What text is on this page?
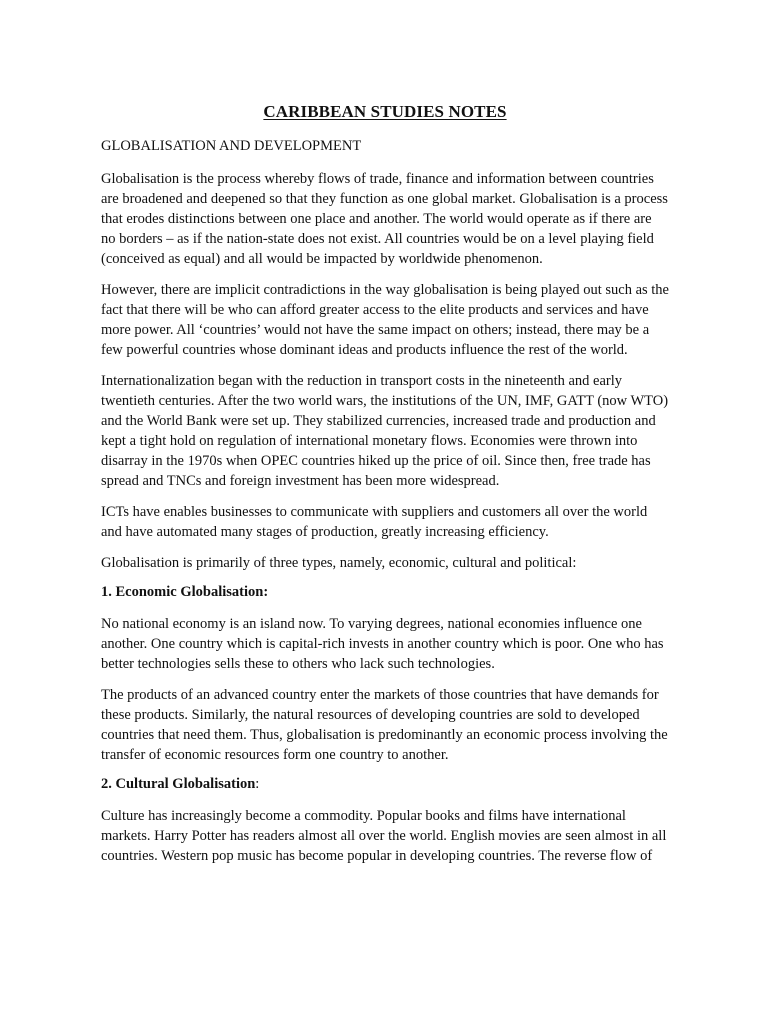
CARIBBEAN STUDIES NOTES
GLOBALISATION AND DEVELOPMENT

Globalisation is the process whereby flows of trade, finance and information between countries are broadened and deepened so that they function as one global market. Globalisation is a process that erodes distinctions between one place and another. The world would operate as if there are no borders – as if the nation-state does not exist. All countries would be on a level playing field (conceived as equal) and all would be impacted by worldwide phenomenon.

However, there are implicit contradictions in the way globalisation is being played out such as the fact that there will be who can afford greater access to the elite products and services and have more power. All ‘countries’ would not have the same impact on others; instead, there may be a few powerful countries whose dominant ideas and products influence the rest of the world.

Internationalization began with the reduction in transport costs in the nineteenth and early twentieth centuries. After the two world wars, the institutions of the UN, IMF, GATT (now WTO) and the World Bank were set up. They stabilized currencies, increased trade and production and kept a tight hold on regulation of international monetary flows. Economies were thrown into disarray in the 1970s when OPEC countries hiked up the price of oil. Since then, free trade has spread and TNCs and foreign investment has been more widespread.

ICTs have enables businesses to communicate with suppliers and customers all over the world and have automated many stages of production, greatly increasing efficiency.

Globalisation is primarily of three types, namely, economic, cultural and political:

1. Economic Globalisation:

No national economy is an island now. To varying degrees, national economies influence one another. One country which is capital-rich invests in another country which is poor. One who has better technologies sells these to others who lack such technologies.

The products of an advanced country enter the markets of those countries that have demands for these products. Similarly, the natural resources of developing countries are sold to developed countries that need them. Thus, globalisation is predominantly an economic process involving the transfer of economic resources form one country to another.

2. Cultural Globalisation:

Culture has increasingly become a commodity. Popular books and films have international markets. Harry Potter has readers almost all over the world. English movies are seen almost in all countries. Western pop music has become popular in developing countries. The reverse flow of
